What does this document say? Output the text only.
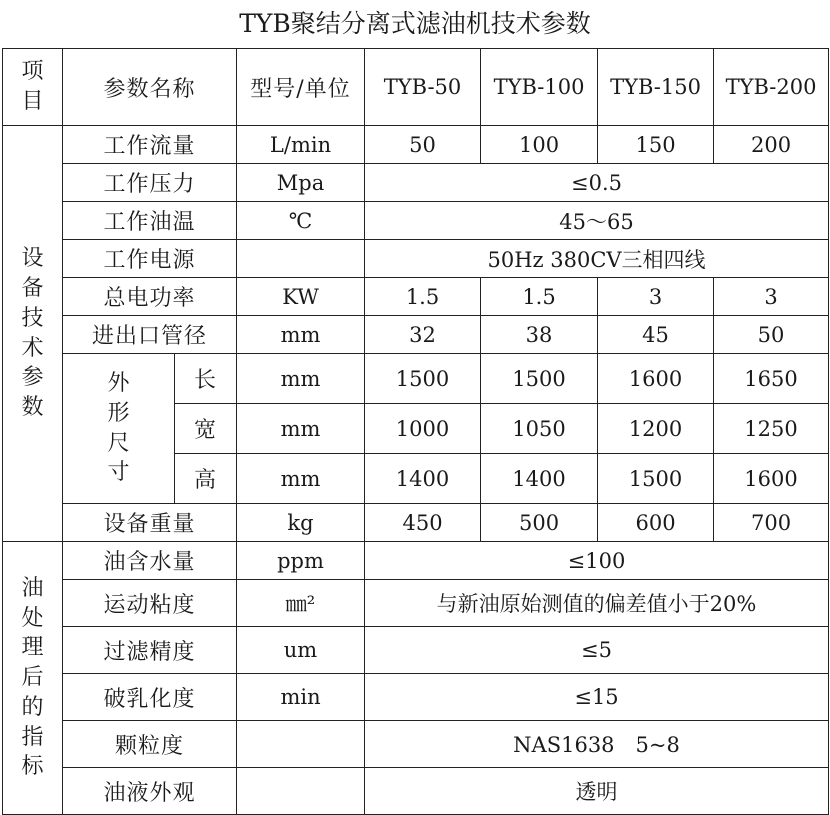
TYB聚结分离式滤油机技术参数
项目	参数名称		型号/单位	TYB-50	TYB-100	TYB-150	TYB-200
设备技术参数	工作流量		L/min	50	100	150	200
	工作压力		Mpa	≤0.5			
	工作油温		℃	45～65			
	工作电源			50Hz 380CV三相四线			
	总电功率		KW	1.5	1.5	3	3
	进出口管径		mm	32	38	45	50
	外形尺寸	长	mm	1500	1500	1600	1650
		宽	mm	1000	1050	1200	1250
		高	mm	1400	1400	1500	1600
	设备重量		kg	450	500	600	700
油处理后的指标	油含水量		ppm	≤100			
	运动粘度		㎜²	与新油原始测值的偏差值小于20%			
	过滤精度		um	≤5			
	破乳化度		min	≤15			
	颗粒度			NAS1638　5~8			
	油液外观			透明			
